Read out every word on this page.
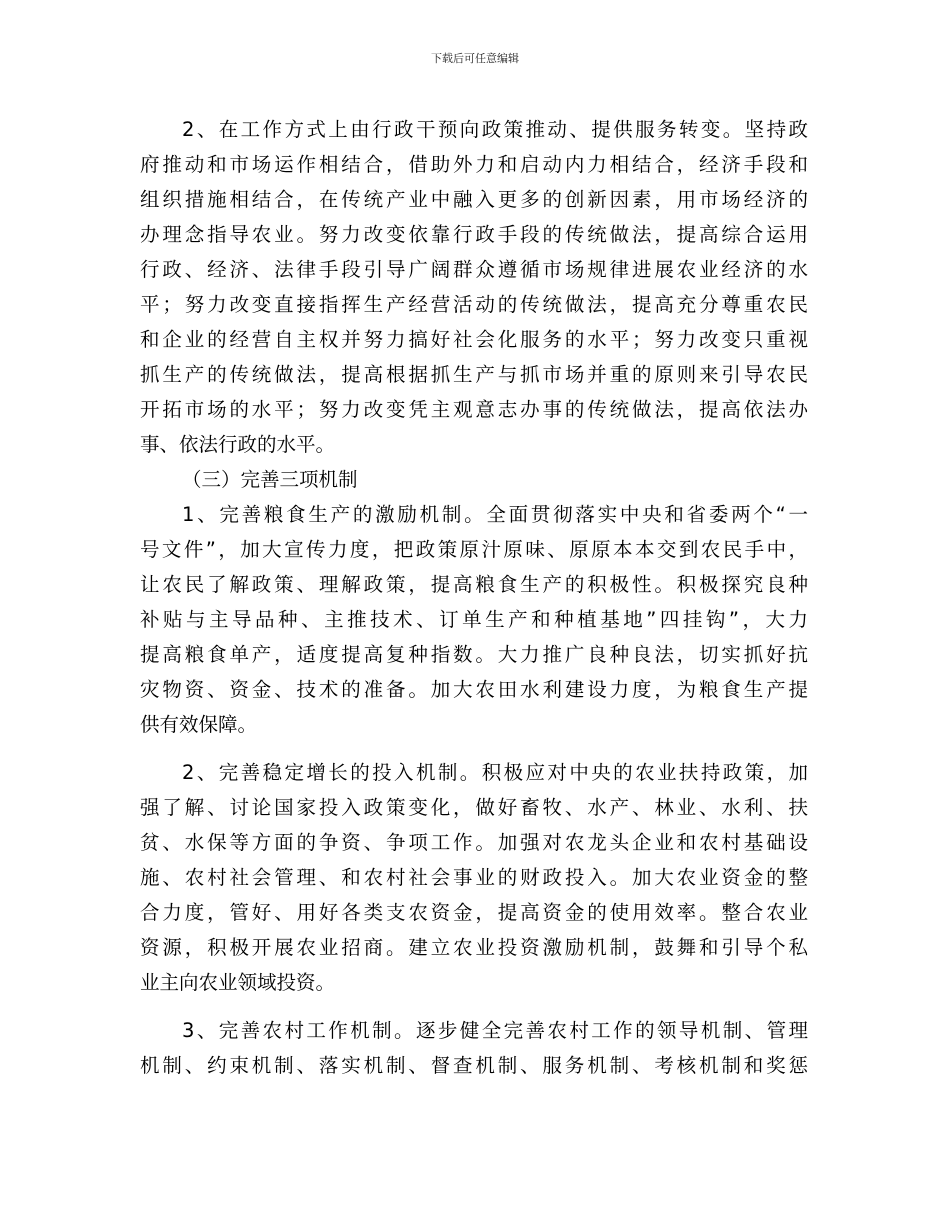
下载后可任意编辑
2、在工作方式上由行政干预向政策推动、提供服务转变。坚持政
府推动和市场运作相结合，借助外力和启动内力相结合，经济手段和
组织措施相结合，在传统产业中融入更多的创新因素，用市场经济的
办理念指导农业。努力改变依靠行政手段的传统做法，提高综合运用
行政、经济、法律手段引导广阔群众遵循市场规律进展农业经济的水
平；努力改变直接指挥生产经营活动的传统做法，提高充分尊重农民
和企业的经营自主权并努力搞好社会化服务的水平；努力改变只重视
抓生产的传统做法，提高根据抓生产与抓市场并重的原则来引导农民
开拓市场的水平；努力改变凭主观意志办事的传统做法，提高依法办
事、依法行政的水平。
（三）完善三项机制
1、完善粮食生产的激励机制。全面贯彻落实中央和省委两个“一
号文件”，加大宣传力度，把政策原汁原味、原原本本交到农民手中，
让农民了解政策、理解政策，提高粮食生产的积极性。积极探究良种
补贴与主导品种、主推技术、订单生产和种植基地”四挂钩”，大力
提高粮食单产，适度提高复种指数。大力推广良种良法，切实抓好抗
灾物资、资金、技术的准备。加大农田水利建设力度，为粮食生产提
供有效保障。
2、完善稳定增长的投入机制。积极应对中央的农业扶持政策，加
强了解、讨论国家投入政策变化，做好畜牧、水产、林业、水利、扶
贫、水保等方面的争资、争项工作。加强对农龙头企业和农村基础设
施、农村社会管理、和农村社会事业的财政投入。加大农业资金的整
合力度，管好、用好各类支农资金，提高资金的使用效率。整合农业
资源，积极开展农业招商。建立农业投资激励机制，鼓舞和引导个私
业主向农业领域投资。
3、完善农村工作机制。逐步健全完善农村工作的领导机制、管理
机制、约束机制、落实机制、督查机制、服务机制、考核机制和奖惩
